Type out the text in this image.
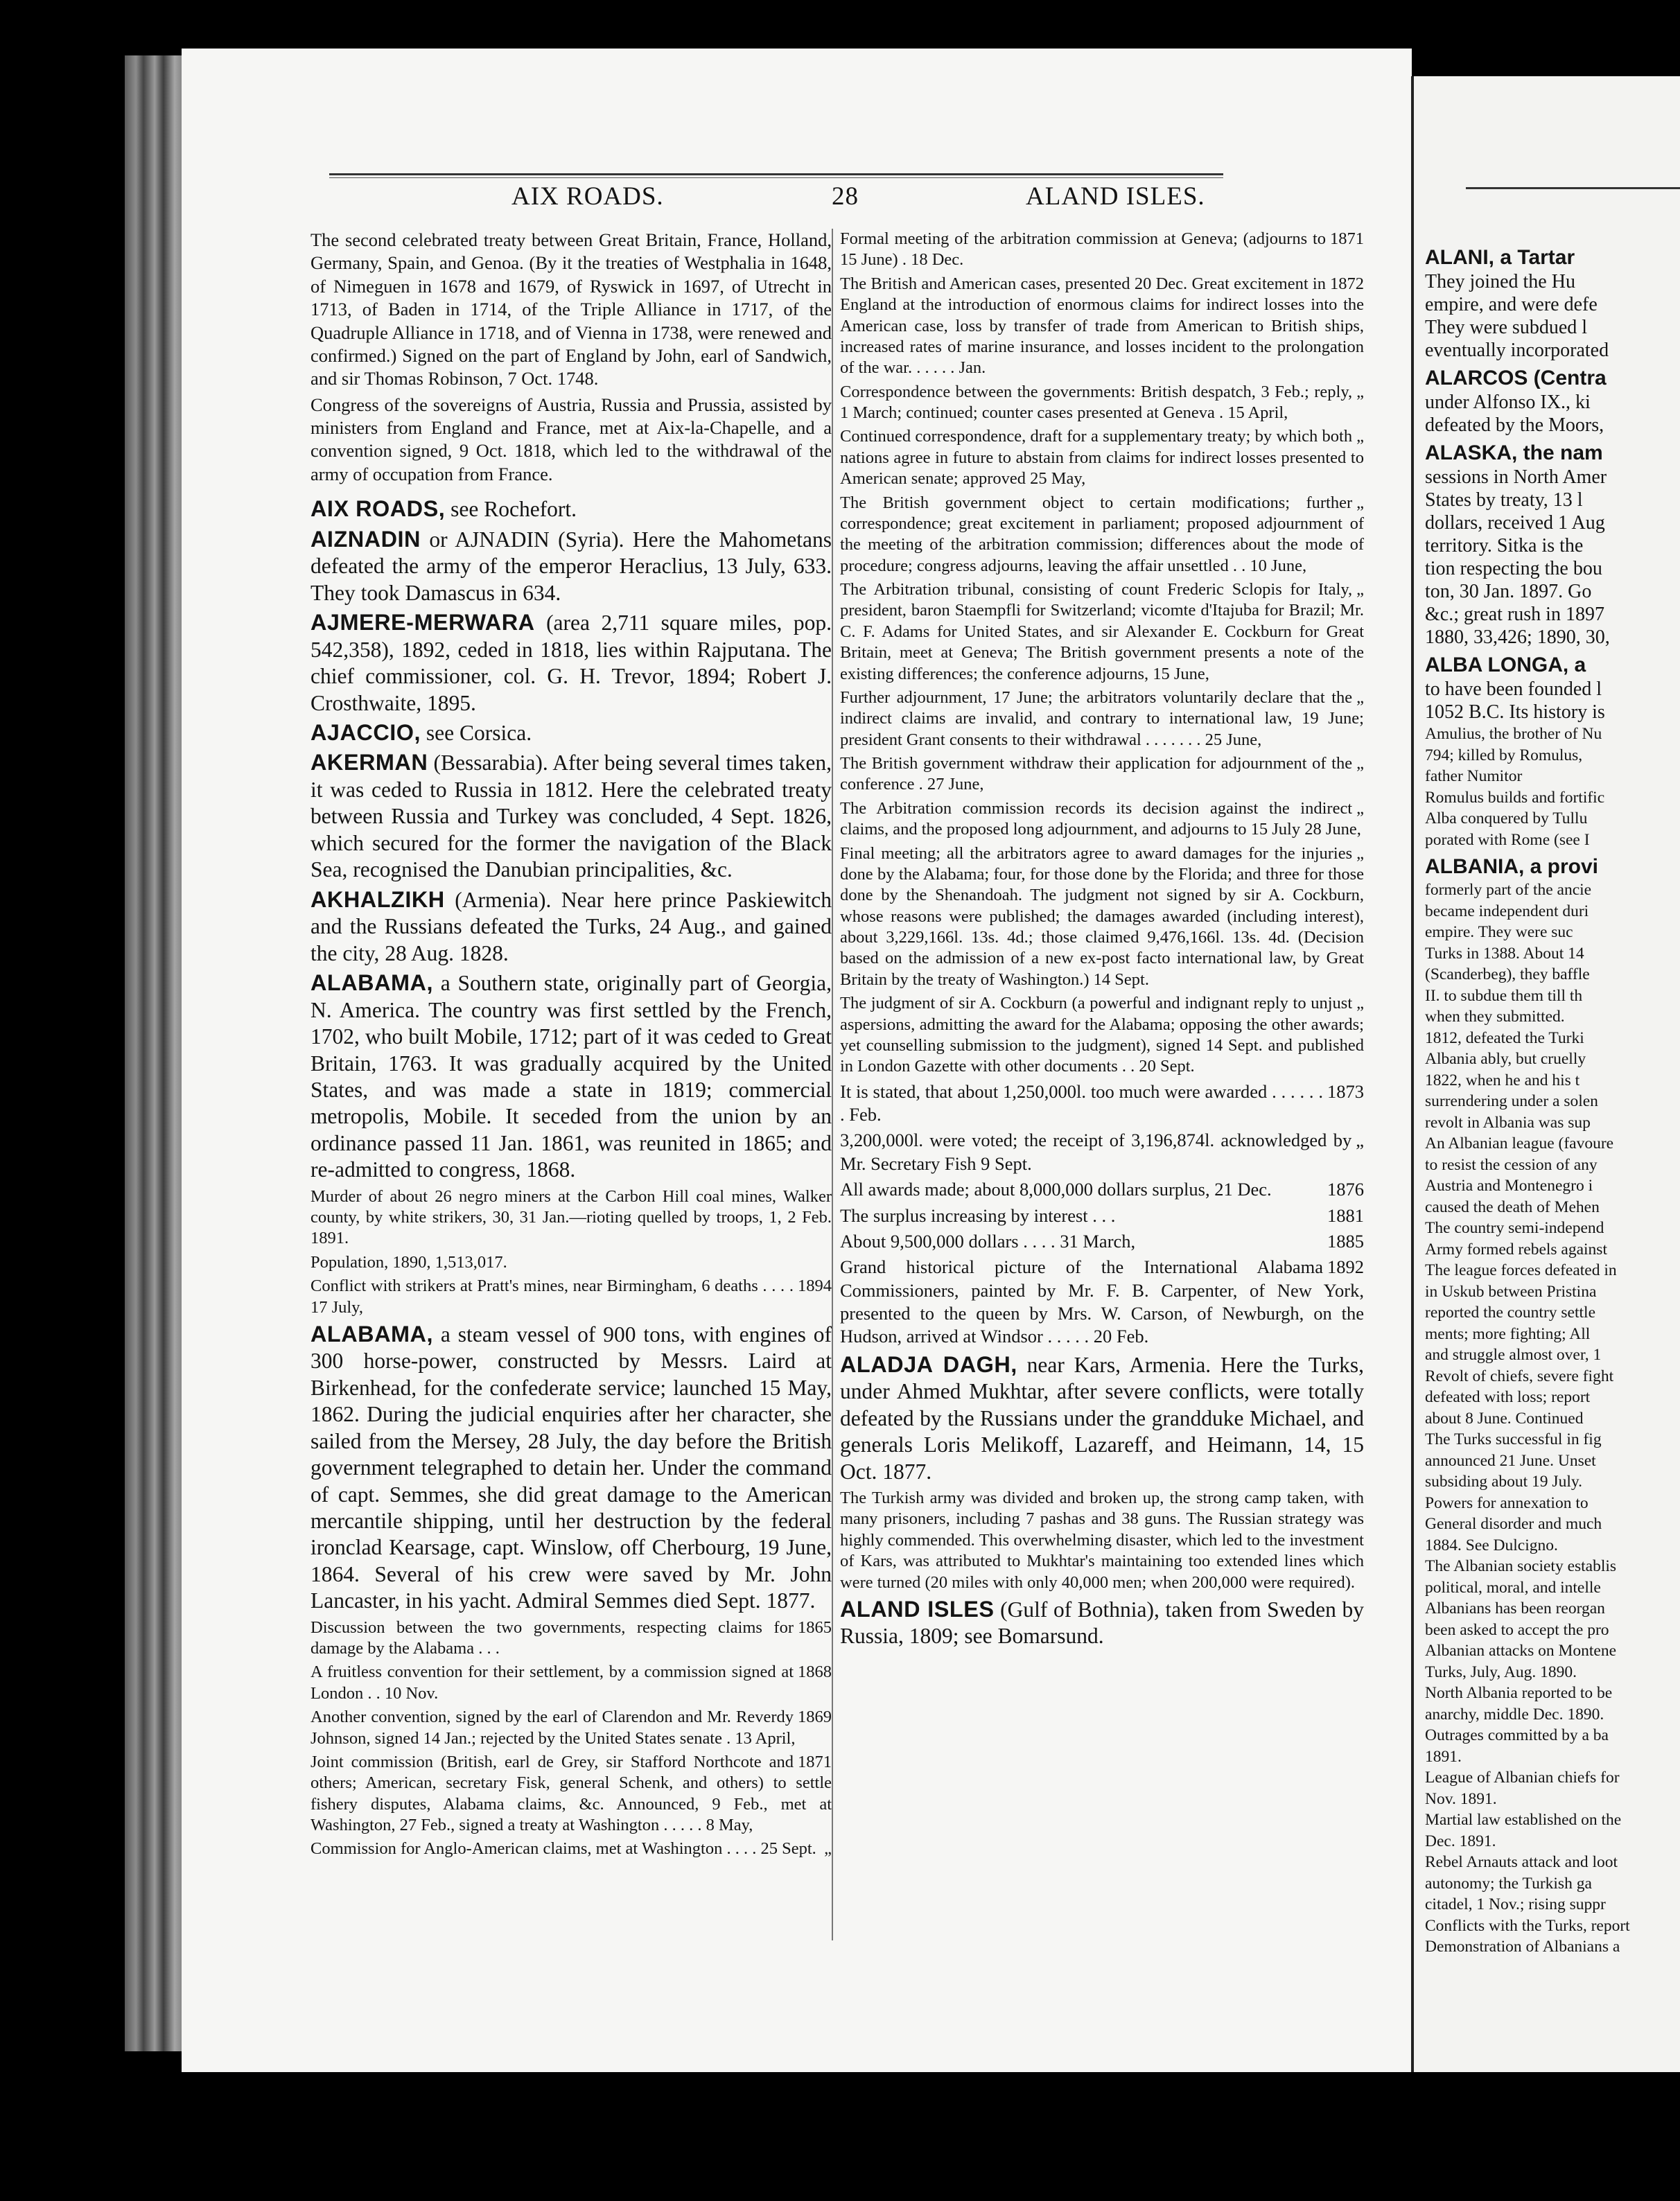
AIX ROADS.	28	ALAND ISLES.

The second celebrated treaty between Great Britain, France, Holland, Germany, Spain, and Genoa. (By it the treaties of Westphalia in 1648, of Nimeguen in 1678 and 1679, of Ryswick in 1697, of Utrecht in 1713, of Baden in 1714, of the Triple Alliance in 1717, of the Quadruple Alliance in 1718, and of Vienna in 1738, were renewed and confirmed.) Signed on the part of England by John, earl of Sandwich, and sir Thomas Robinson, 7 Oct. 1748.

Congress of the sovereigns of Austria, Russia and Prussia, assisted by ministers from England and France, met at Aix-la-Chapelle, and a convention signed, 9 Oct. 1818, which led to the withdrawal of the army of occupation from France.

AIX ROADS, see Rochefort.

AIZNADIN or AJNADIN (Syria). Here the Mahometans defeated the army of the emperor Heraclius, 13 July, 633. They took Damascus in 634.

AJMERE-MERWARA (area 2,711 square miles, pop. 542,358), 1892, ceded in 1818, lies within Rajputana. The chief commissioner, col. G. H. Trevor, 1894; Robert J. Crosthwaite, 1895.

AJACCIO, see Corsica.

AKERMAN (Bessarabia). After being several times taken, it was ceded to Russia in 1812. Here the celebrated treaty between Russia and Turkey was concluded, 4 Sept. 1826, which secured for the former the navigation of the Black Sea, recognised the Danubian principalities, &c.

AKHALZIKH (Armenia). Near here prince Paskiewitch and the Russians defeated the Turks, 24 Aug., and gained the city, 28 Aug. 1828.

ALABAMA, a Southern state, originally part of Georgia, N. America. The country was first settled by the French, 1702, who built Mobile, 1712; part of it was ceded to Great Britain, 1763. It was gradually acquired by the United States, and was made a state in 1819; commercial metropolis, Mobile. It seceded from the union by an ordinance passed 11 Jan. 1861, was reunited in 1865; and re-admitted to congress, 1868.

Murder of about 26 negro miners at the Carbon Hill coal mines, Walker county, by white strikers, 30, 31 Jan.—rioting quelled by troops, 1, 2 Feb. 1891.

Population, 1890, 1,513,017.

1894
Conflict with strikers at Pratt's mines, near Birmingham, 6 deaths . . . . 17 July,

ALABAMA, a steam vessel of 900 tons, with engines of 300 horse-power, constructed by Messrs. Laird at Birkenhead, for the confederate service; launched 15 May, 1862. During the judicial enquiries after her character, she sailed from the Mersey, 28 July, the day before the British government telegraphed to detain her. Under the command of capt. Semmes, she did great damage to the American mercantile shipping, until her destruction by the federal ironclad Kearsage, capt. Winslow, off Cherbourg, 19 June, 1864. Several of his crew were saved by Mr. John Lancaster, in his yacht. Admiral Semmes died Sept. 1877.

1865
Discussion between the two governments, respecting claims for damage by the Alabama . . .

1868
A fruitless convention for their settlement, by a commission signed at London . . 10 Nov.

1869
Another convention, signed by the earl of Clarendon and Mr. Reverdy Johnson, signed 14 Jan.; rejected by the United States senate . 13 April,

1871
Joint commission (British, earl de Grey, sir Stafford Northcote and others; American, secretary Fisk, general Schenk, and others) to settle fishery disputes, Alabama claims, &c. Announced, 9 Feb., met at Washington, 27 Feb., signed a treaty at Washington . . . . . 8 May,

„
Commission for Anglo-American claims, met at Washington . . . . 25 Sept.

1871
Formal meeting of the arbitration commission at Geneva; (adjourns to 15 June) . 18 Dec.

1872
The British and American cases, presented 20 Dec. Great excitement in England at the introduction of enormous claims for indirect losses into the American case, loss by transfer of trade from American to British ships, increased rates of marine insurance, and losses incident to the prolongation of the war. . . . . . Jan.

„
Correspondence between the governments: British despatch, 3 Feb.; reply, 1 March; continued; counter cases presented at Geneva . 15 April,

„
Continued correspondence, draft for a supplementary treaty; by which both nations agree in future to abstain from claims for indirect losses presented to American senate; approved 25 May,

„
The British government object to certain modifications; further correspondence; great excitement in parliament; proposed adjournment of the meeting of the arbitration commission; differences about the mode of procedure; congress adjourns, leaving the affair unsettled . . 10 June,

„
The Arbitration tribunal, consisting of count Frederic Sclopis for Italy, president, baron Staempfli for Switzerland; vicomte d'Itajuba for Brazil; Mr. C. F. Adams for United States, and sir Alexander E. Cockburn for Great Britain, meet at Geneva; The British government presents a note of the existing differences; the conference adjourns, 15 June,

„
Further adjournment, 17 June; the arbitrators voluntarily declare that the indirect claims are invalid, and contrary to international law, 19 June; president Grant consents to their withdrawal . . . . . . . 25 June,

„
The British government withdraw their application for adjournment of the conference . 27 June,

„
The Arbitration commission records its decision against the indirect claims, and the proposed long adjournment, and adjourns to 15 July 28 June,

„
Final meeting; all the arbitrators agree to award damages for the injuries done by the Alabama; four, for those done by the Florida; and three for those done by the Shenandoah. The judgment not signed by sir A. Cockburn, whose reasons were published; the damages awarded (including interest), about 3,229,166l. 13s. 4d.; those claimed 9,476,166l. 13s. 4d. (Decision based on the admission of a new ex-post facto international law, by Great Britain by the treaty of Washington.) 14 Sept.

„
The judgment of sir A. Cockburn (a powerful and indignant reply to unjust aspersions, admitting the award for the Alabama; opposing the other awards; yet counselling submission to the judgment), signed 14 Sept. and published in London Gazette with other documents . . 20 Sept.

1873
It is stated, that about 1,250,000l. too much were awarded . . . . . . . Feb.

„
3,200,000l. were voted; the receipt of 3,196,874l. acknowledged by Mr. Secretary Fish 9 Sept.

1876
All awards made; about 8,000,000 dollars surplus, 21 Dec.

1881
The surplus increasing by interest . . .

1885
About 9,500,000 dollars . . . . 31 March,

1892
Grand historical picture of the International Alabama Commissioners, painted by Mr. F. B. Carpenter, of New York, presented to the queen by Mrs. W. Carson, of Newburgh, on the Hudson, arrived at Windsor . . . . . 20 Feb.

ALADJA DAGH, near Kars, Armenia. Here the Turks, under Ahmed Mukhtar, after severe conflicts, were totally defeated by the Russians under the grandduke Michael, and generals Loris Melikoff, Lazareff, and Heimann, 14, 15 Oct. 1877.

The Turkish army was divided and broken up, the strong camp taken, with many prisoners, including 7 pashas and 38 guns. The Russian strategy was highly commended. This overwhelming disaster, which led to the investment of Kars, was attributed to Mukhtar's maintaining too extended lines which were turned (20 miles with only 40,000 men; when 200,000 were required).

ALAND ISLES (Gulf of Bothnia), taken from Sweden by Russia, 1809; see Bomarsund.

ALANI, a Tartar
They joined the Hu
empire, and were defe
They were subdued l
eventually incorporated
ALARCOS (Centra
under Alfonso IX., ki
defeated by the Moors,
ALASKA, the nam
sessions in North Amer
States by treaty, 13 l
dollars, received 1 Aug
territory. Sitka is the
tion respecting the bou
ton, 30 Jan. 1897. Go
&c.; great rush in 1897
1880, 33,426; 1890, 30,
ALBA LONGA, a
to have been founded l
1052 B.C. Its history is
Amulius, the brother of Nu
794; killed by Romulus,
father Numitor
Romulus builds and fortific
Alba conquered by Tullu
porated with Rome (see I
ALBANIA, a provi
formerly part of the ancie
became independent duri
empire. They were suc
Turks in 1388. About 14
(Scanderbeg), they baffle
II. to subdue them till th
when they submitted.
1812, defeated the Turki
Albania ably, but cruelly
1822, when he and his t
surrendering under a solen
revolt in Albania was sup
An Albanian league (favoure
to resist the cession of any
Austria and Montenegro i
caused the death of Mehen
The country semi-independ
Army formed rebels against
The league forces defeated in
in Uskub between Pristina
reported the country settle
ments; more fighting; All
and struggle almost over, 1
Revolt of chiefs, severe fight
defeated with loss; report
about 8 June. Continued
The Turks successful in fig
announced 21 June. Unset
subsiding about 19 July.
Powers for annexation to
General disorder and much
1884. See Dulcigno.
The Albanian society establis
political, moral, and intelle
Albanians has been reorgan
been asked to accept the pro
Albanian attacks on Montene
Turks, July, Aug. 1890.
North Albania reported to be
anarchy, middle Dec. 1890.
Outrages committed by a ba
1891.
League of Albanian chiefs for
Nov. 1891.
Martial law established on the
Dec. 1891.
Rebel Arnauts attack and loot
autonomy; the Turkish ga
citadel, 1 Nov.; rising suppr
Conflicts with the Turks, report
Demonstration of Albanians a
